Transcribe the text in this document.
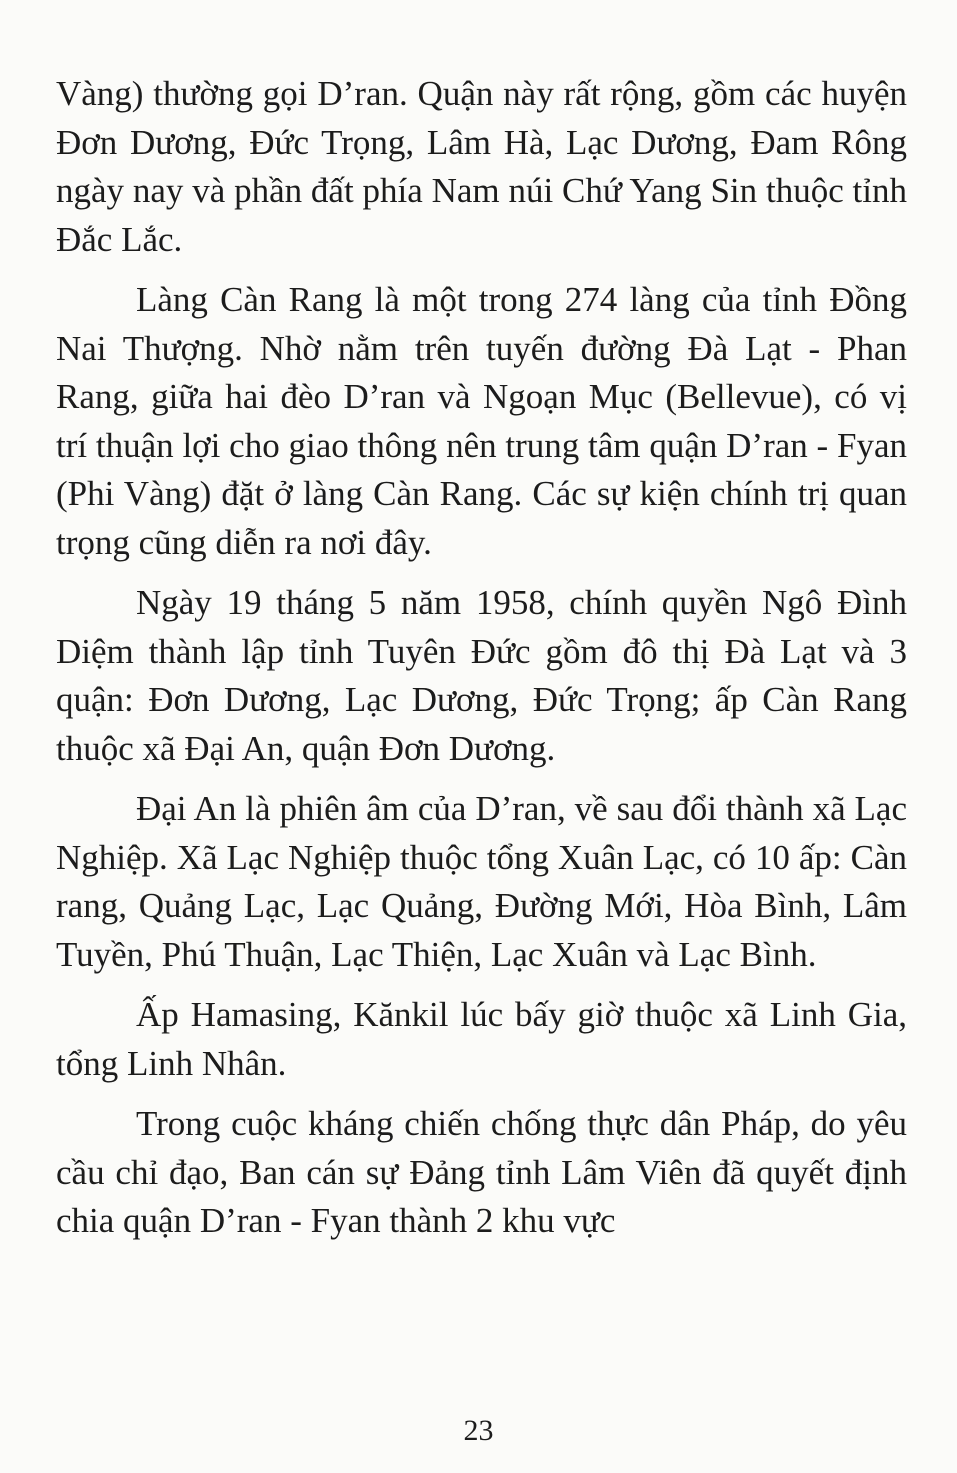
Vàng) thường gọi D’ran. Quận này rất rộng, gồm các huyện Đơn Dương, Đức Trọng, Lâm Hà, Lạc Dương, Đam Rông ngày nay và phần đất phía Nam núi Chứ Yang Sin thuộc tỉnh Đắc Lắc.

Làng Càn Rang là một trong 274 làng của tỉnh Đồng Nai Thượng. Nhờ nằm trên tuyến đường Đà Lạt - Phan Rang, giữa hai đèo D’ran và Ngoạn Mục (Bellevue), có vị trí thuận lợi cho giao thông nên trung tâm quận D’ran - Fyan (Phi Vàng) đặt ở làng Càn Rang. Các sự kiện chính trị quan trọng cũng diễn ra nơi đây.

Ngày 19 tháng 5 năm 1958, chính quyền Ngô Đình Diệm thành lập tỉnh Tuyên Đức gồm đô thị Đà Lạt và 3 quận: Đơn Dương, Lạc Dương, Đức Trọng; ấp Càn Rang thuộc xã Đại An, quận Đơn Dương.

Đại An là phiên âm của D’ran, về sau đổi thành xã Lạc Nghiệp. Xã Lạc Nghiệp thuộc tổng Xuân Lạc, có 10 ấp: Càn rang, Quảng Lạc, Lạc Quảng, Đường Mới, Hòa Bình, Lâm Tuyền, Phú Thuận, Lạc Thiện, Lạc Xuân và Lạc Bình.

Ấp Hamasing, Kănkil lúc bấy giờ thuộc xã Linh Gia, tổng Linh Nhân.

Trong cuộc kháng chiến chống thực dân Pháp, do yêu cầu chỉ đạo, Ban cán sự Đảng tỉnh Lâm Viên đã quyết định chia quận D’ran - Fyan thành 2 khu vực

23
